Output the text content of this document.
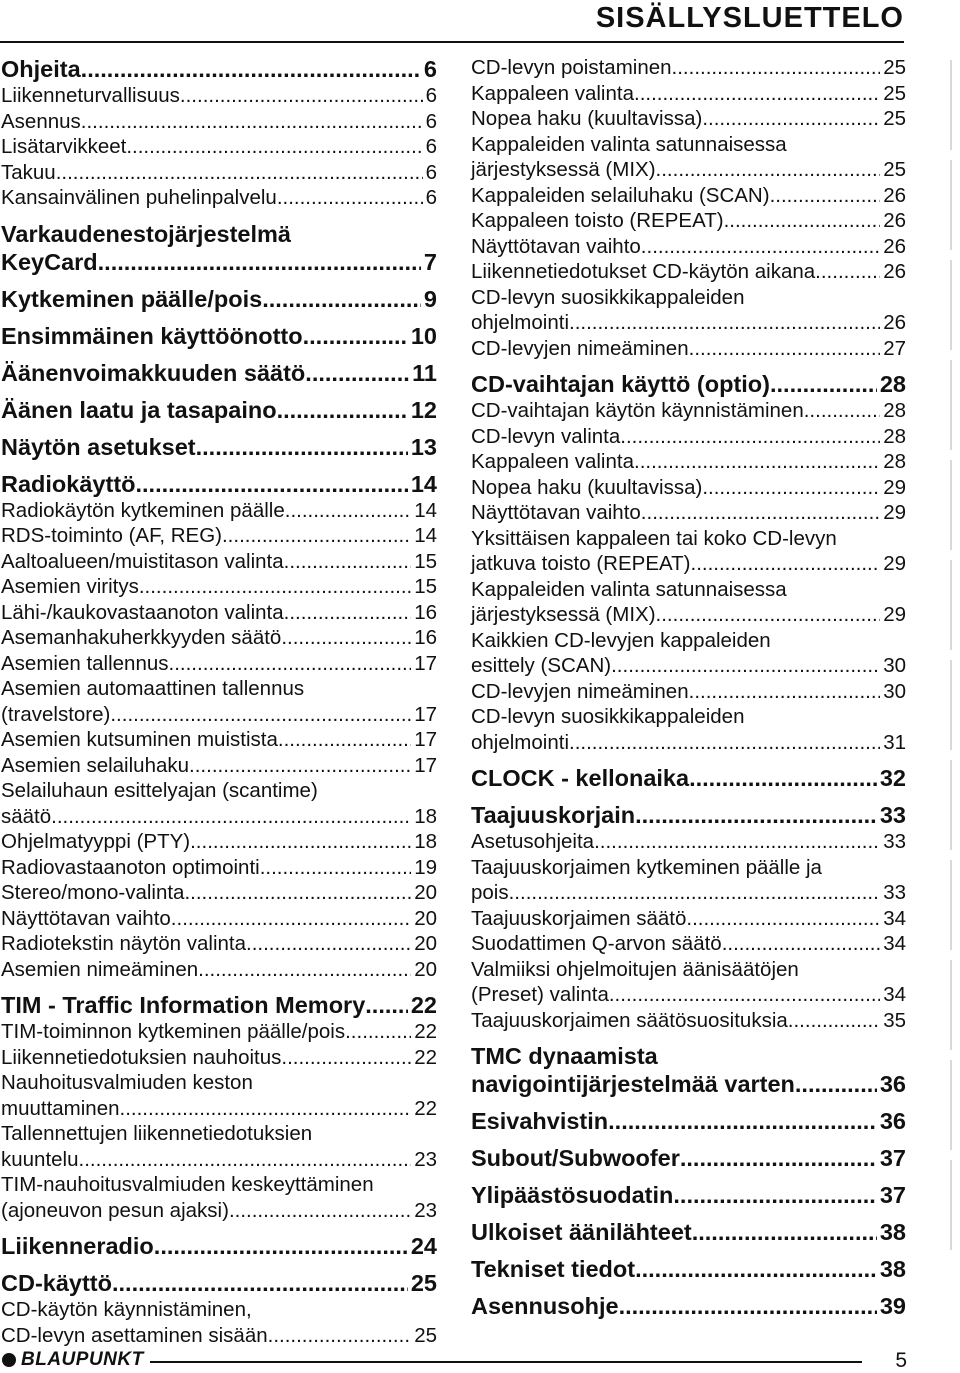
SISÄLLYSLUETTELO
Ohjeita .....	6
Liikenneturvallisuus .....	6
Asennus .....	6
Lisätarvikkeet .....	6
Takuu .....	6
Kansainvälinen puhelinpalvelu .....	6
Varkaudenestojärjestelmä
KeyCard .....	7
Kytkeminen päälle/pois .....	9
Ensimmäinen käyttöönotto .....	10
Äänenvoimakkuuden säätö .....	11
Äänen laatu ja tasapaino .....	12
Näytön asetukset .....	13
Radiokäyttö .....	14
Radiokäytön kytkeminen päälle .....	14
RDS-toiminto (AF, REG) .....	14
Aaltoalueen/muistitason valinta .....	15
Asemien viritys .....	15
Lähi-/kaukovastaanoton valinta .....	16
Asemanhakuherkkyyden säätö .....	16
Asemien tallennus .....	17
Asemien automaattinen tallennus
(travelstore) .....	17
Asemien kutsuminen muistista .....	17
Asemien selailuhaku .....	17
Selailuhaun esittelyajan (scantime)
säätö .....	18
Ohjelmatyyppi (PTY) .....	18
Radiovastaanoton optimointi .....	19
Stereo/mono-valinta .....	20
Näyttötavan vaihto .....	20
Radiotekstin näytön valinta .....	20
Asemien nimeäminen .....	20
TIM - Traffic Information Memory ..... 22
TIM-toiminnon kytkeminen päälle/pois .....	22
Liikennetiedotuksien nauhoitus .....	22
Nauhoitusvalmiuden keston
muuttaminen .....	22
Tallennettujen liikennetiedotuksien
kuuntelu .....	23
TIM-nauhoitusvalmiuden keskeyttäminen
(ajoneuvon pesun ajaksi) .....	23
Liikenneradio .....	24
CD-käyttö .....	25
CD-käytön käynnistäminen,
CD-levyn asettaminen sisään .....	25
CD-levyn poistaminen .....	25
Kappaleen valinta .....	25
Nopea haku (kuultavissa) .....	25
Kappaleiden valinta satunnaisessa
järjestyksessä (MIX) .....	25
Kappaleiden selailuhaku (SCAN) .....	26
Kappaleen toisto (REPEAT) .....	26
Näyttötavan vaihto .....	26
Liikennetiedotukset CD-käytön aikana .....	26
CD-levyn suosikkikappaleiden
ohjelmointi .....	26
CD-levyjen nimeäminen .....	27
CD-vaihtajan käyttö (optio) .....	28
CD-vaihtajan käytön käynnistäminen .....	28
CD-levyn valinta .....	28
Kappaleen valinta .....	28
Nopea haku (kuultavissa) .....	29
Näyttötavan vaihto .....	29
Yksittäisen kappaleen tai koko CD-levyn
jatkuva toisto (REPEAT) .....	29
Kappaleiden valinta satunnaisessa
järjestyksessä (MIX) .....	29
Kaikkien CD-levyjen kappaleiden
esittely (SCAN) .....	30
CD-levyjen nimeäminen .....	30
CD-levyn suosikkikappaleiden
ohjelmointi .....	31
CLOCK - kellonaika .....	32
Taajuuskorjain .....	33
Asetusohjeita .....	33
Taajuuskorjaimen kytkeminen päälle ja
pois .....	33
Taajuuskorjaimen säätö .....	34
Suodattimen Q-arvon säätö .....	34
Valmiiksi ohjelmoitujen äänisäätöjen
(Preset) valinta .....	34
Taajuuskorjaimen säätösuosituksia .....	35
TMC dynaamista
navigointijärjestelmää varten .....	36
Esivahvistin .....	36
Subout/Subwoofer .....	37
Ylipäästösuodatin .....	37
Ulkoiset äänilähteet .....	38
Tekniset tiedot .....	38
Asennusohje .....	39
BLAUPUNKT	5
